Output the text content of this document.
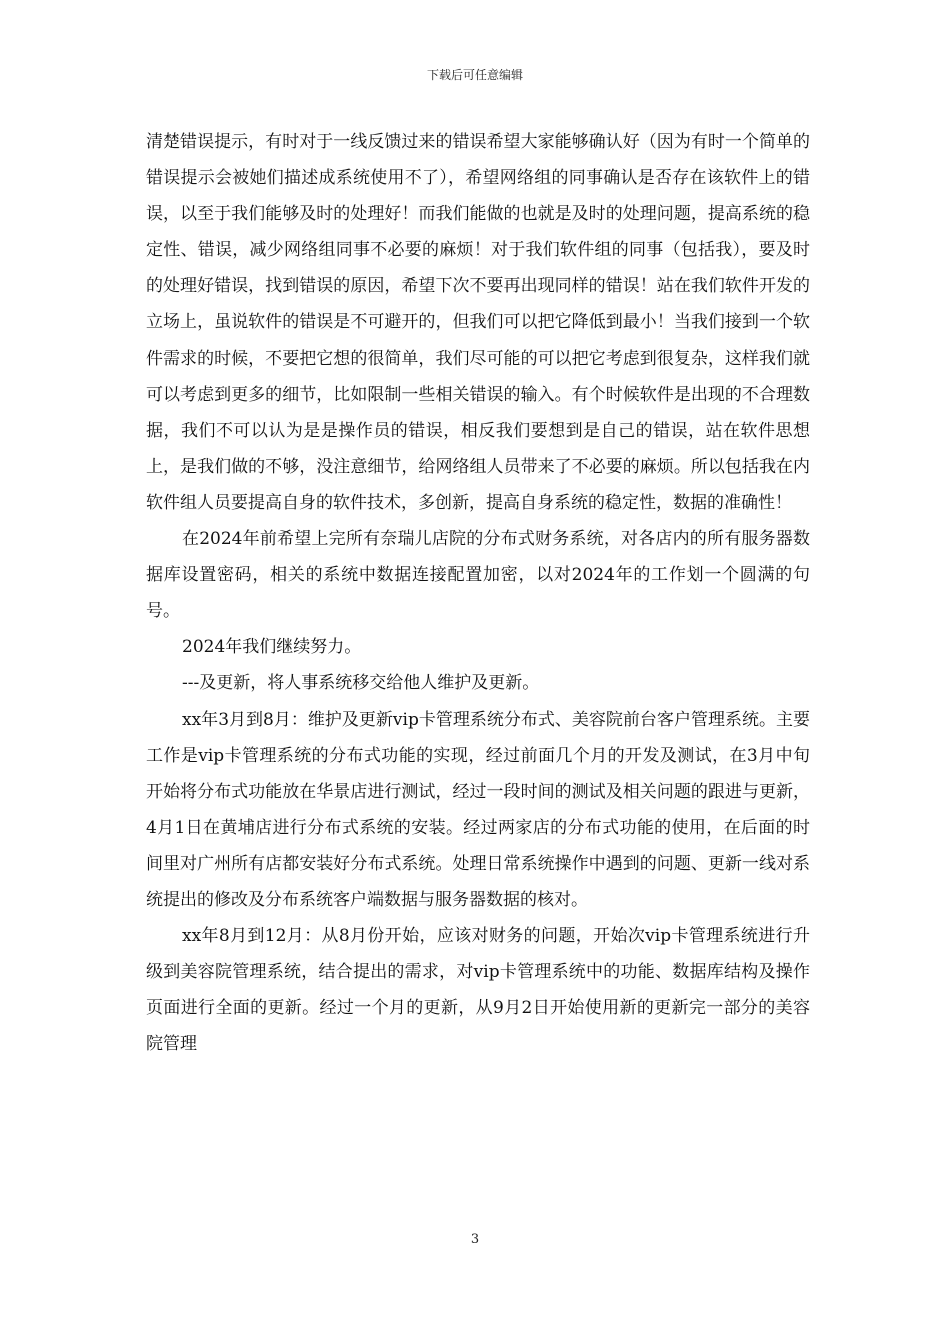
下载后可任意编辑

清楚错误提示，有时对于一线反馈过来的错误希望大家能够确认好（因为有时一个简单的错误提示会被她们描述成系统使用不了），希望网络组的同事确认是否存在该软件上的错误，以至于我们能够及时的处理好！而我们能做的也就是及时的处理问题，提高系统的稳定性、错误，减少网络组同事不必要的麻烦！对于我们软件组的同事（包括我），要及时的处理好错误，找到错误的原因，希望下次不要再出现同样的错误！站在我们软件开发的立场上，虽说软件的错误是不可避开的，但我们可以把它降低到最小！当我们接到一个软件需求的时候，不要把它想的很简单，我们尽可能的可以把它考虑到很复杂，这样我们就可以考虑到更多的细节，比如限制一些相关错误的输入。有个时候软件是出现的不合理数据，我们不可以认为是是操作员的错误，相反我们要想到是自己的错误，站在软件思想上，是我们做的不够，没注意细节，给网络组人员带来了不必要的麻烦。所以包括我在内软件组人员要提高自身的软件技术，多创新，提高自身系统的稳定性，数据的准确性！

在2024年前希望上完所有奈瑞儿店院的分布式财务系统，对各店内的所有服务器数据库设置密码，相关的系统中数据连接配置加密，以对2024年的工作划一个圆满的句号。

2024年我们继续努力。

---及更新，将人事系统移交给他人维护及更新。

xx年3月到8月：维护及更新vip卡管理系统分布式、美容院前台客户管理系统。主要工作是vip卡管理系统的分布式功能的实现，经过前面几个月的开发及测试，在3月中旬开始将分布式功能放在华景店进行测试，经过一段时间的测试及相关问题的跟进与更新，4月1日在黄埔店进行分布式系统的安装。经过两家店的分布式功能的使用，在后面的时间里对广州所有店都安装好分布式系统。处理日常系统操作中遇到的问题、更新一线对系统提出的修改及分布系统客户端数据与服务器数据的核对。

xx年8月到12月：从8月份开始，应该对财务的问题，开始次vip卡管理系统进行升级到美容院管理系统，结合提出的需求，对vip卡管理系统中的功能、数据库结构及操作页面进行全面的更新。经过一个月的更新，从9月2日开始使用新的更新完一部分的美容院管理

3
